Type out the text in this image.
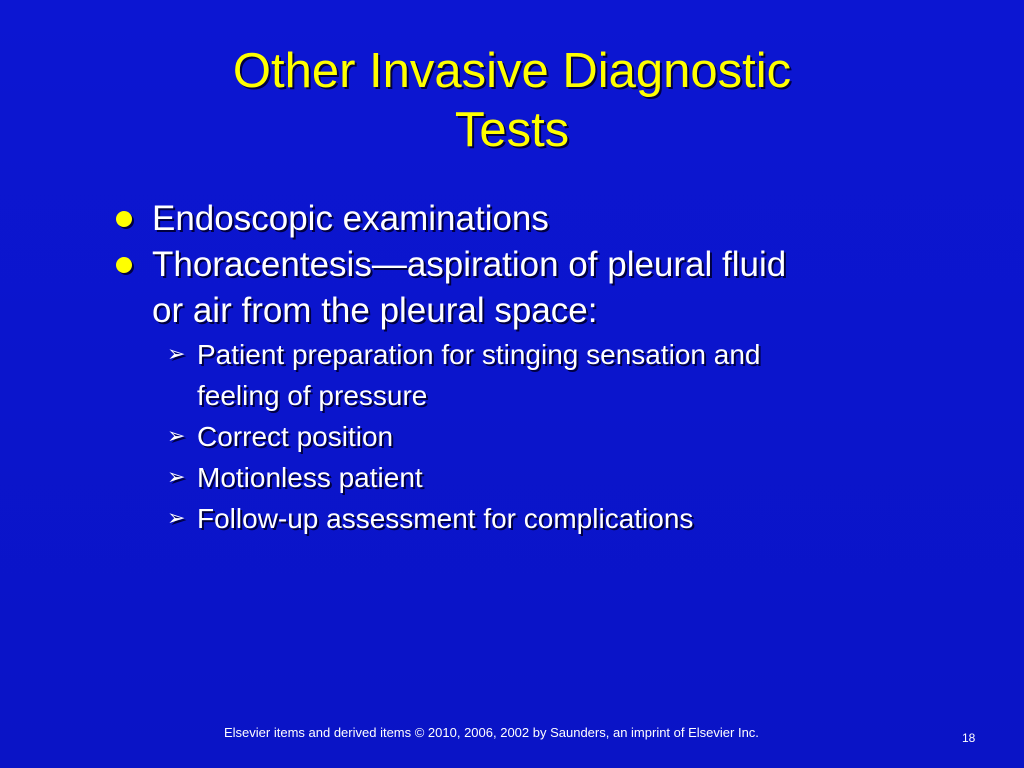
Other Invasive Diagnostic
Tests
Endoscopic examinations
Thoracentesis—aspiration of pleural fluid
or air from the pleural space:
➢ Patient preparation for stinging sensation and
feeling of pressure
➢ Correct position
➢ Motionless patient
➢ Follow-up assessment for complications
Elsevier items and derived items © 2010, 2006, 2002 by Saunders, an imprint of Elsevier Inc.	18
